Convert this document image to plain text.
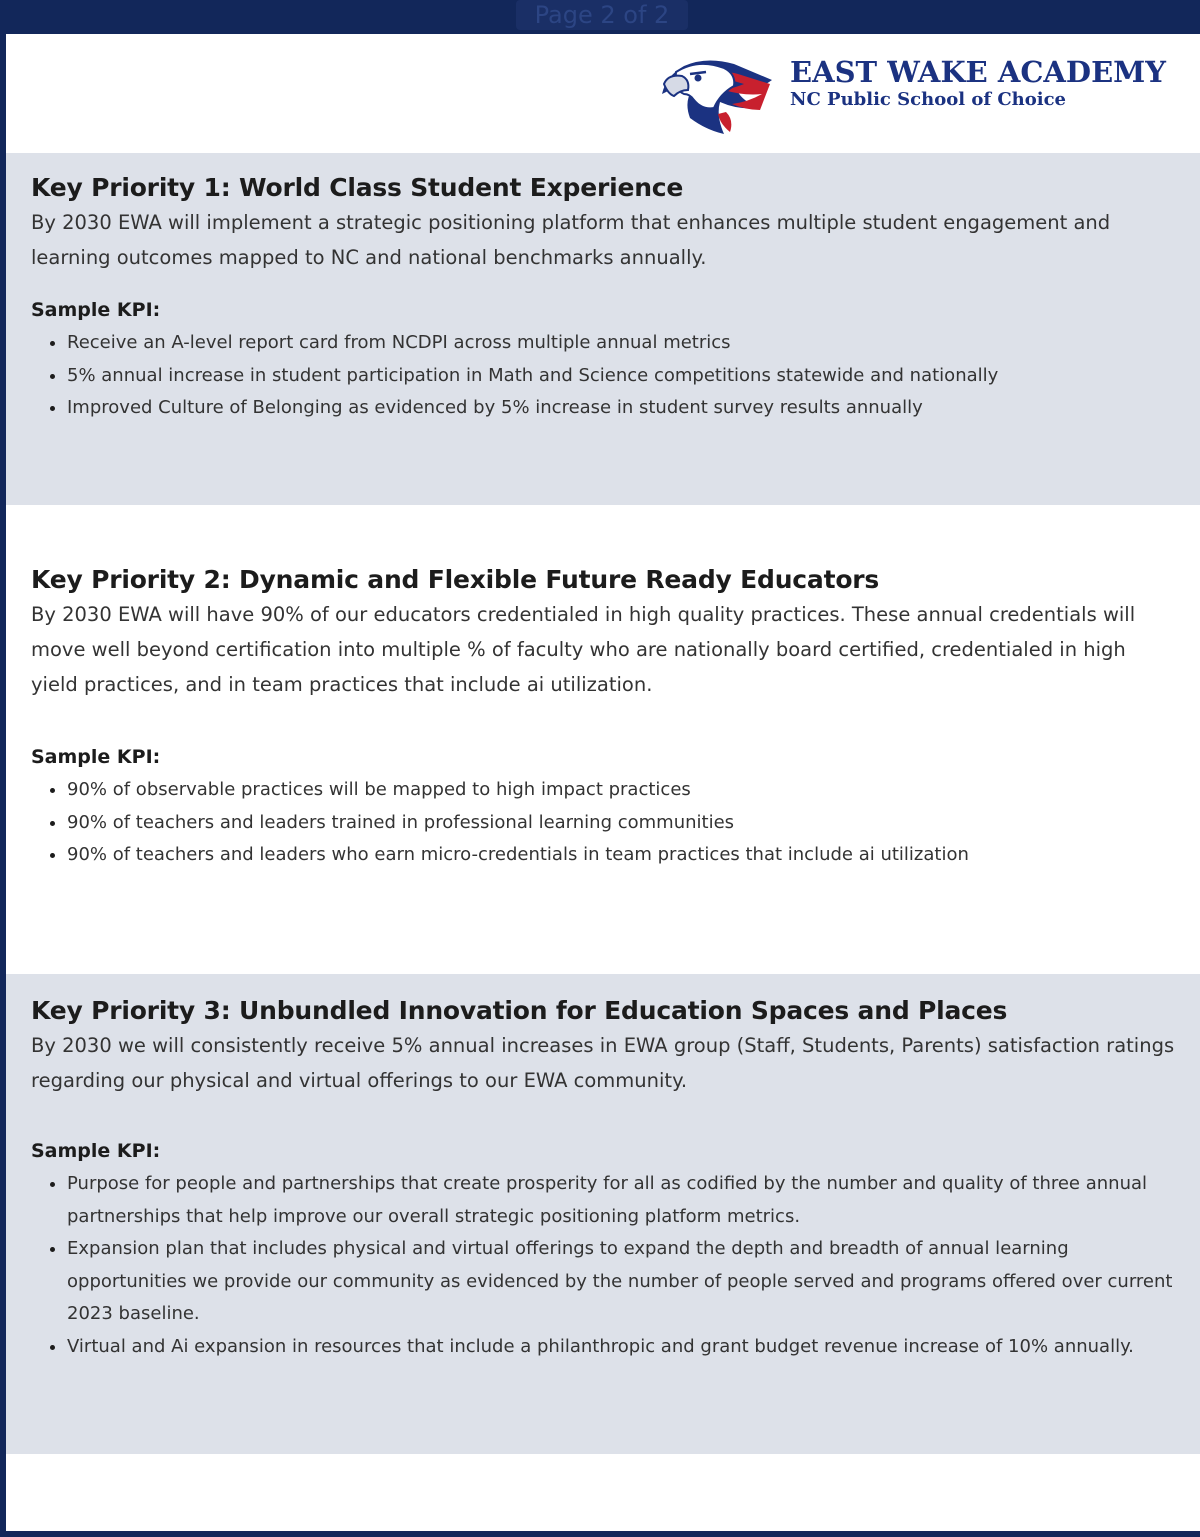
Page 2 of 2
EAST WAKE ACADEMY
NC Public School of Choice
Key Priority 1: World Class Student Experience

By 2030 EWA will implement a strategic positioning platform that enhances multiple student engagement and learning outcomes mapped to NC and national benchmarks annually.

Sample KPI:
• Receive an A-level report card from NCDPI across multiple annual metrics
• 5% annual increase in student participation in Math and Science competitions statewide and nationally
• Improved Culture of Belonging as evidenced by 5% increase in student survey results annually
Key Priority 2: Dynamic and Flexible Future Ready Educators

By 2030 EWA will have 90% of our educators credentialed in high quality practices. These annual credentials will move well beyond certification into multiple % of faculty who are nationally board certified, credentialed in high yield practices, and in team practices that include ai utilization.

Sample KPI:
• 90% of observable practices will be mapped to high impact practices
• 90% of teachers and leaders trained in professional learning communities
• 90% of teachers and leaders who earn micro-credentials in team practices that include ai utilization
Key Priority 3: Unbundled Innovation for Education Spaces and Places

By 2030 we will consistently receive 5% annual increases in EWA group (Staff, Students, Parents) satisfaction ratings regarding our physical and virtual offerings to our EWA community.

Sample KPI:
• Purpose for people and partnerships that create prosperity for all as codified by the number and quality of three annual partnerships that help improve our overall strategic positioning platform metrics.
• Expansion plan that includes physical and virtual offerings to expand the depth and breadth of annual learning opportunities we provide our community as evidenced by the number of people served and programs offered over current 2023 baseline.
• Virtual and Ai expansion in resources that include a philanthropic and grant budget revenue increase of 10% annually.
